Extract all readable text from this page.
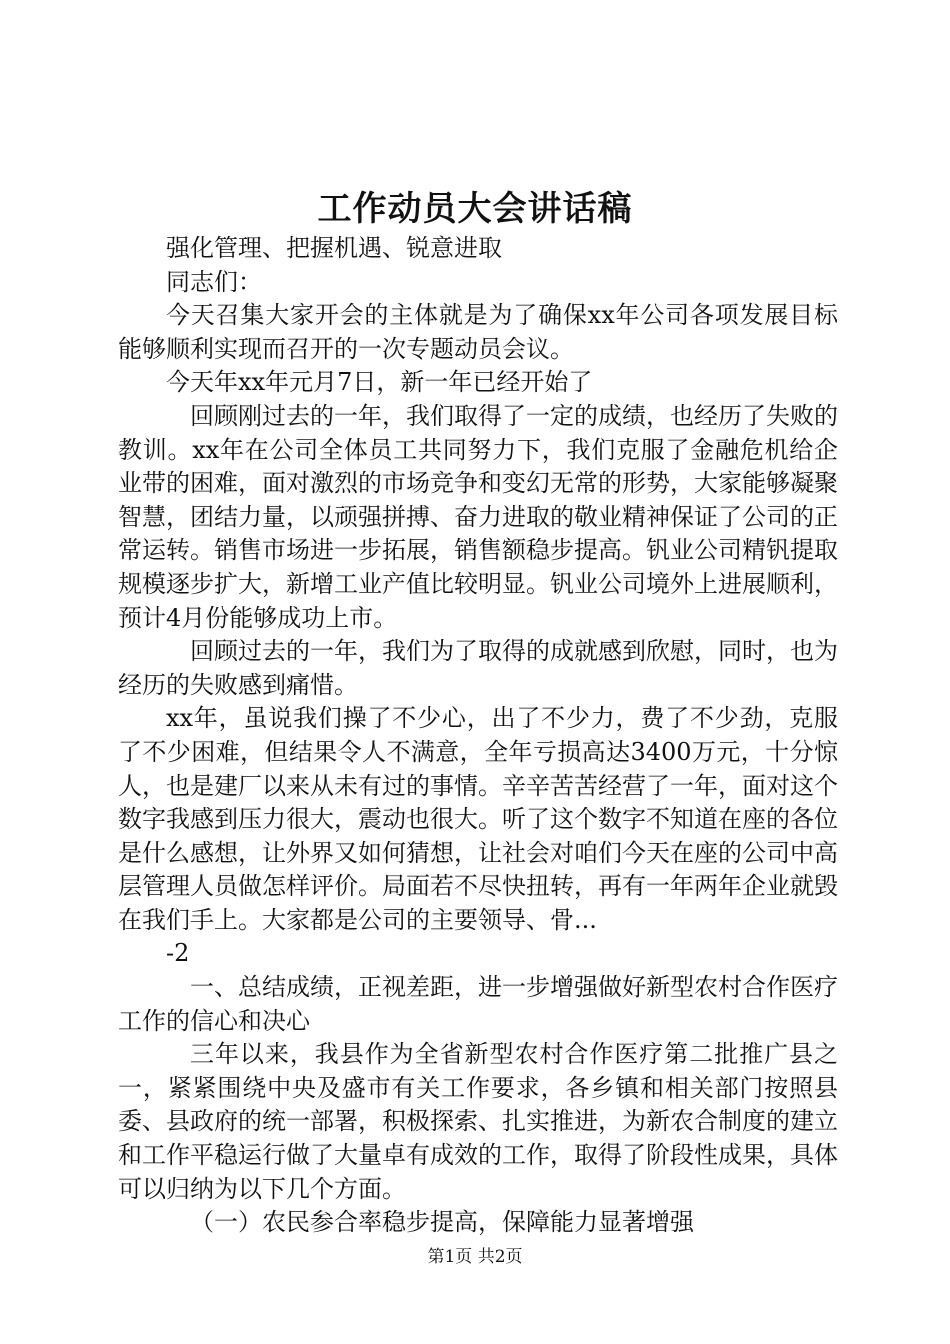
工作动员大会讲话稿

强化管理、把握机遇、锐意进取

同志们：

今天召集大家开会的主体就是为了确保xx年公司各项发展目标能够顺利实现而召开的一次专题动员会议。

今天年xx年元月7日，新一年已经开始了

回顾刚过去的一年，我们取得了一定的成绩，也经历了失败的教训。xx年在公司全体员工共同努力下，我们克服了金融危机给企业带的困难，面对激烈的市场竞争和变幻无常的形势，大家能够凝聚智慧，团结力量，以顽强拼搏、奋力进取的敬业精神保证了公司的正常运转。销售市场进一步拓展，销售额稳步提高。钒业公司精钒提取规模逐步扩大，新增工业产值比较明显。钒业公司境外上进展顺利，预计4月份能够成功上市。

回顾过去的一年，我们为了取得的成就感到欣慰，同时，也为经历的失败感到痛惜。

xx年，虽说我们操了不少心，出了不少力，费了不少劲，克服了不少困难，但结果令人不满意，全年亏损高达3400万元，十分惊人，也是建厂以来从未有过的事情。辛辛苦苦经营了一年，面对这个数字我感到压力很大，震动也很大。听了这个数字不知道在座的各位是什么感想，让外界又如何猜想，让社会对咱们今天在座的公司中高层管理人员做怎样评价。局面若不尽快扭转，再有一年两年企业就毁在我们手上。大家都是公司的主要领导、骨...

-2

一、总结成绩，正视差距，进一步增强做好新型农村合作医疗工作的信心和决心

三年以来，我县作为全省新型农村合作医疗第二批推广县之一，紧紧围绕中央及盛市有关工作要求，各乡镇和相关部门按照县委、县政府的统一部署，积极探索、扎实推进，为新农合制度的建立和工作平稳运行做了大量卓有成效的工作，取得了阶段性成果，具体可以归纳为以下几个方面。

（一）农民参合率稳步提高，保障能力显著增强

第1页 共2页
